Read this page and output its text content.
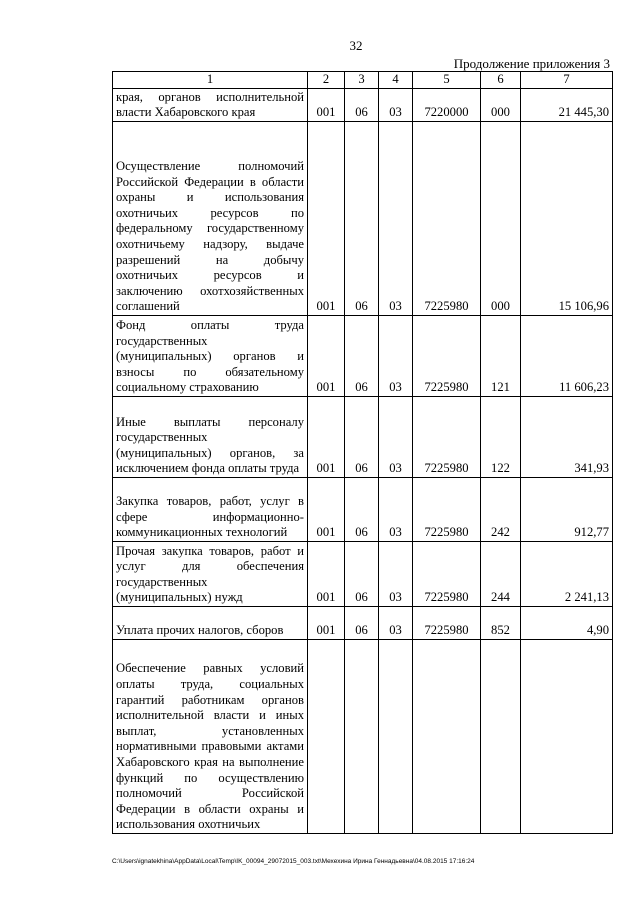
32
Продолжение приложения 3
1	2	3	4	5	6	7
края, органов исполнительной власти Хабаровского края	001	06	03	7220000	000	21 445,30
Осуществление полномочий Российской Федерации в области охраны и использования охотничьих ресурсов по федеральному государственному охотничьему надзору, выдаче разрешений на добычу охотничьих ресурсов и заключению охотхозяйственных соглашений	001	06	03	7225980	000	15 106,96
Фонд оплаты труда государственных (муниципальных) органов и взносы по обязательному социальному страхованию	001	06	03	7225980	121	11 606,23
Иные выплаты персоналу государственных (муниципальных) органов, за исключением фонда оплаты труда	001	06	03	7225980	122	341,93
Закупка товаров, работ, услуг в сфере информационно-коммуникационных технологий	001	06	03	7225980	242	912,77
Прочая закупка товаров, работ и услуг для обеспечения государственных (муниципальных) нужд	001	06	03	7225980	244	2 241,13
Уплата прочих налогов, сборов	001	06	03	7225980	852	4,90
Обеспечение равных условий оплаты труда, социальных гарантий работникам органов исполнительной власти и иных выплат, установленных нормативными правовыми актами Хабаровского края на выполнение функций по осуществлению полномочий Российской Федерации в области охраны и использования охотничьих						
C:\Users\ignatekhina\AppData\Local\Temp\IK_00094_29072015_003.txt\Мехехина Ирина Геннадьевна\04.08.2015 17:16:24
